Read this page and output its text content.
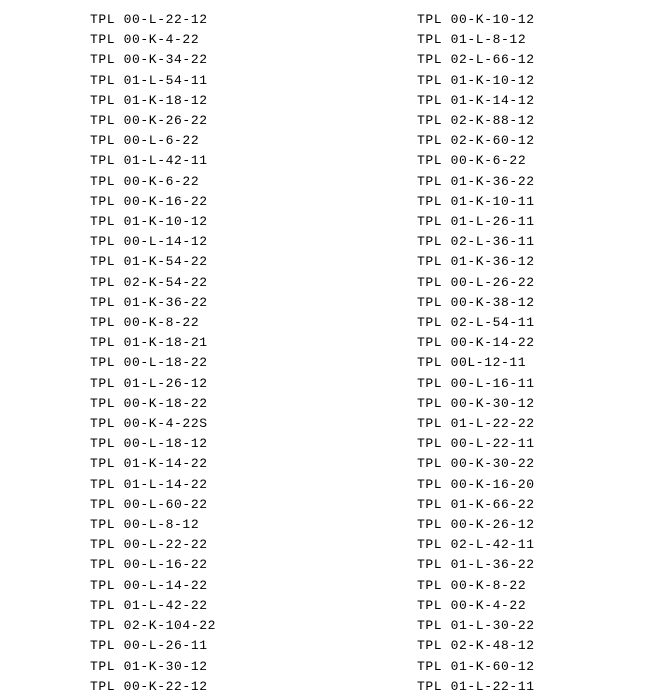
TPL 00-L-22-12
TPL 00-K-4-22
TPL 00-K-34-22
TPL 01-L-54-11
TPL 01-K-18-12
TPL 00-K-26-22
TPL 00-L-6-22
TPL 01-L-42-11
TPL 00-K-6-22
TPL 00-K-16-22
TPL 01-K-10-12
TPL 00-L-14-12
TPL 01-K-54-22
TPL 02-K-54-22
TPL 01-K-36-22
TPL 00-K-8-22
TPL 01-K-18-21
TPL 00-L-18-22
TPL 01-L-26-12
TPL 00-K-18-22
TPL 00-K-4-22S
TPL 00-L-18-12
TPL 01-K-14-22
TPL 01-L-14-22
TPL 00-L-60-22
TPL 00-L-8-12
TPL 00-L-22-22
TPL 00-L-16-22
TPL 00-L-14-22
TPL 01-L-42-22
TPL 02-K-104-22
TPL 00-L-26-11
TPL 01-K-30-12
TPL 00-K-22-12
TPL 00-K-10-12
TPL 01-L-8-12
TPL 02-L-66-12
TPL 01-K-10-12
TPL 01-K-14-12
TPL 02-K-88-12
TPL 02-K-60-12
TPL 00-K-6-22
TPL 01-K-36-22
TPL 01-K-10-11
TPL 01-L-26-11
TPL 02-L-36-11
TPL 01-K-36-12
TPL 00-L-26-22
TPL 00-K-38-12
TPL 02-L-54-11
TPL 00-K-14-22
TPL 00L-12-11
TPL 00-L-16-11
TPL 00-K-30-12
TPL 01-L-22-22
TPL 00-L-22-11
TPL 00-K-30-22
TPL 00-K-16-20
TPL 01-K-66-22
TPL 00-K-26-12
TPL 02-L-42-11
TPL 01-L-36-22
TPL 00-K-8-22
TPL 00-K-4-22
TPL 01-L-30-22
TPL 02-K-48-12
TPL 01-K-60-12
TPL 01-L-22-11
